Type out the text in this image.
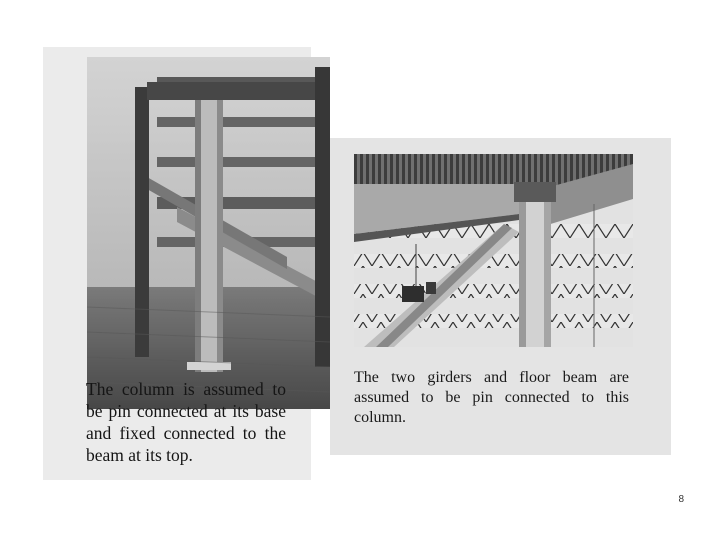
The column is assumed to be pin connected at its base and fixed connected to the beam at its top.
The two girders and floor beam are assumed to be pin connected to this column.
8
